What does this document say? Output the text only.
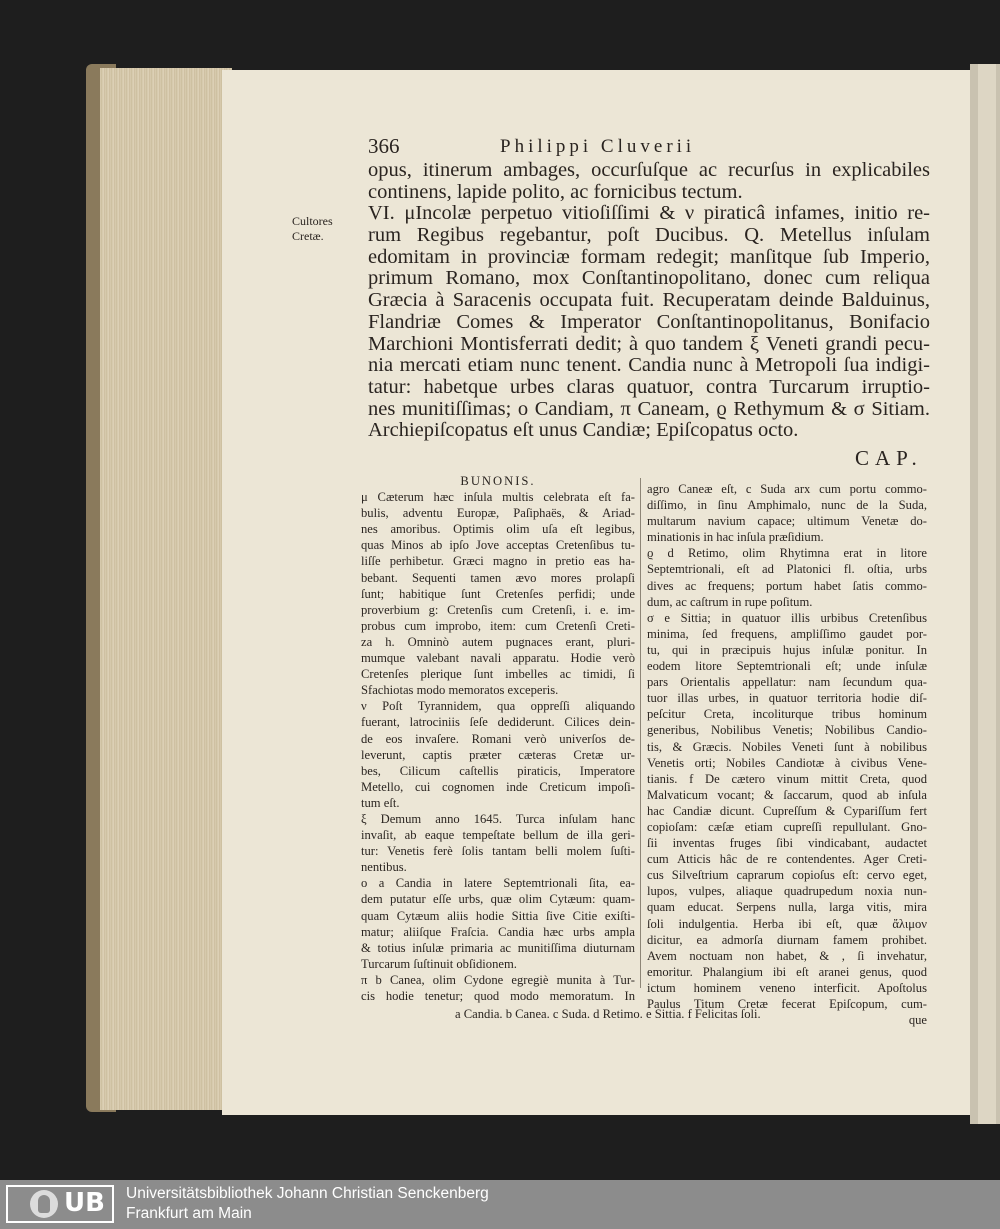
366	Philippi Cluverii
Cultores
Cretæ.
opus, itinerum ambages, occurſuſque ac recurſus in explicabiles
continens, lapide polito, ac fornicibus tectum.
VI. μIncolæ perpetuo vitioſiſſimi & ν piraticâ infames, initio re-
rum Regibus regebantur, poſt Ducibus. Q. Metellus inſulam
edomitam in provinciæ formam redegit; manſitque ſub Imperio,
primum Romano, mox Conſtantinopolitano, donec cum reliqua
Græcia à Saracenis occupata fuit. Recuperatam deinde Balduinus,
Flandriæ Comes & Imperator Conſtantinopolitanus, Bonifacio
Marchioni Montisferrati dedit; à quo tandem ξ Veneti grandi pecu-
nia mercati etiam nunc tenent. Candia nunc à Metropoli ſua indigi-
tatur: habetque urbes claras quatuor, contra Turcarum irruptio-
nes munitiſſimas; ο Candiam, π Caneam, ϱ Rethymum & σ Sitiam.
Archiepiſcopatus eſt unus Candiæ; Epiſcopatus octo.
CAP.
BUNONIS.
μ Cæterum hæc inſula multis celebrata eſt fa-
bulis, adventu Europæ, Paſiphaës, & Ariad-
nes amoribus. Optimis olim uſa eſt legibus,
quas Minos ab ipſo Jove acceptas Cretenſibus tu-
liſſe perhibetur. Græci magno in pretio eas ha-
bebant. Sequenti tamen ævo mores prolapſi
ſunt; habitique ſunt Cretenſes perfidi; unde
proverbium g: Cretenſis cum Cretenſi, i. e. im-
probus cum improbo, item: cum Cretenſi Creti-
za h. Omninò autem pugnaces erant, pluri-
mumque valebant navali apparatu. Hodie verò
Cretenſes plerique ſunt imbelles ac timidi, ſi
Sfachiotas modo memoratos exceperis.
ν Poſt Tyrannidem, qua oppreſſi aliquando
fuerant, latrociniis ſeſe dediderunt. Cilices dein-
de eos invaſere. Romani verò univerſos de-
leverunt, captis præter cæteras Cretæ ur-
bes, Cilicum caſtellis piraticis, Imperatore
Metello, cui cognomen inde Creticum impoſi-
tum eſt.
ξ Demum anno 1645. Turca inſulam hanc
invaſit, ab eaque tempeſtate bellum de illa geri-
tur: Venetis ferè ſolis tantam belli molem ſuſti-
nentibus.
ο a Candia in latere Septemtrionali ſita, ea-
dem putatur eſſe urbs, quæ olim Cytæum: quam-
quam Cytæum aliis hodie Sittia ſive Citie exiſti-
matur; aliiſque Fraſcia. Candia hæc urbs ampla
& totius inſulæ primaria ac munitiſſima diuturnam
Turcarum ſuſtinuit obſidionem.
π b Canea, olim Cydone egregiè munita à Tur-
cis hodie tenetur; quod modo memoratum. In
agro Caneæ eſt, c Suda arx cum portu commo-
diſſimo, in ſinu Amphimalo, nunc de la Suda,
multarum navium capace; ultimum Venetæ do-
minationis in hac inſula præſidium.
ϱ d Retimo, olim Rhytimna erat in litore
Septemtrionali, eſt ad Platonici fl. oſtia, urbs
dives ac frequens; portum habet ſatis commo-
dum, ac caſtrum in rupe poſitum.
σ e Sittia; in quatuor illis urbibus Cretenſibus
minima, ſed frequens, ampliſſimo gaudet por-
tu, qui in præcipuis hujus inſulæ ponitur. In
eodem litore Septemtrionali eſt; unde inſulæ
pars Orientalis appellatur: nam ſecundum qua-
tuor illas urbes, in quatuor territoria hodie diſ-
peſcitur Creta, incoliturque tribus hominum
generibus, Nobilibus Venetis; Nobilibus Candio-
tis, & Græcis. Nobiles Veneti ſunt à nobilibus
Venetis orti; Nobiles Candiotæ à civibus Vene-
tianis. f De cætero vinum mittit Creta, quod
Malvaticum vocant; & ſaccarum, quod ab inſula
hac Candiæ dicunt. Cupreſſum & Cypariſſum fert
copioſam: cæſæ etiam cupreſſi repullulant. Gno-
ſii inventas fruges ſibi vindicabant, audactet
cum Atticis hâc de re contendentes. Ager Creti-
cus Silveſtrium caprarum copioſus eſt: cervo eget,
lupos, vulpes, aliaque quadrupedum noxia nun-
quam educat. Serpens nulla, larga vitis, mira
ſoli indulgentia. Herba ibi eſt, quæ ἄλιμον
dicitur, ea admorſa diurnam famem prohibet.
Avem noctuam non habet, & , ſi invehatur,
emoritur. Phalangium ibi eſt aranei genus, quod
ictum hominem veneno interficit. Apoſtolus
Paulus Titum Cretæ fecerat Epiſcopum, cum-
que
a Candia. b Canea. c Suda. d Retimo. e Sittia. f Felicitas ſoli.
UB Universitätsbibliothek Johann Christian Senckenberg
Frankfurt am Main
